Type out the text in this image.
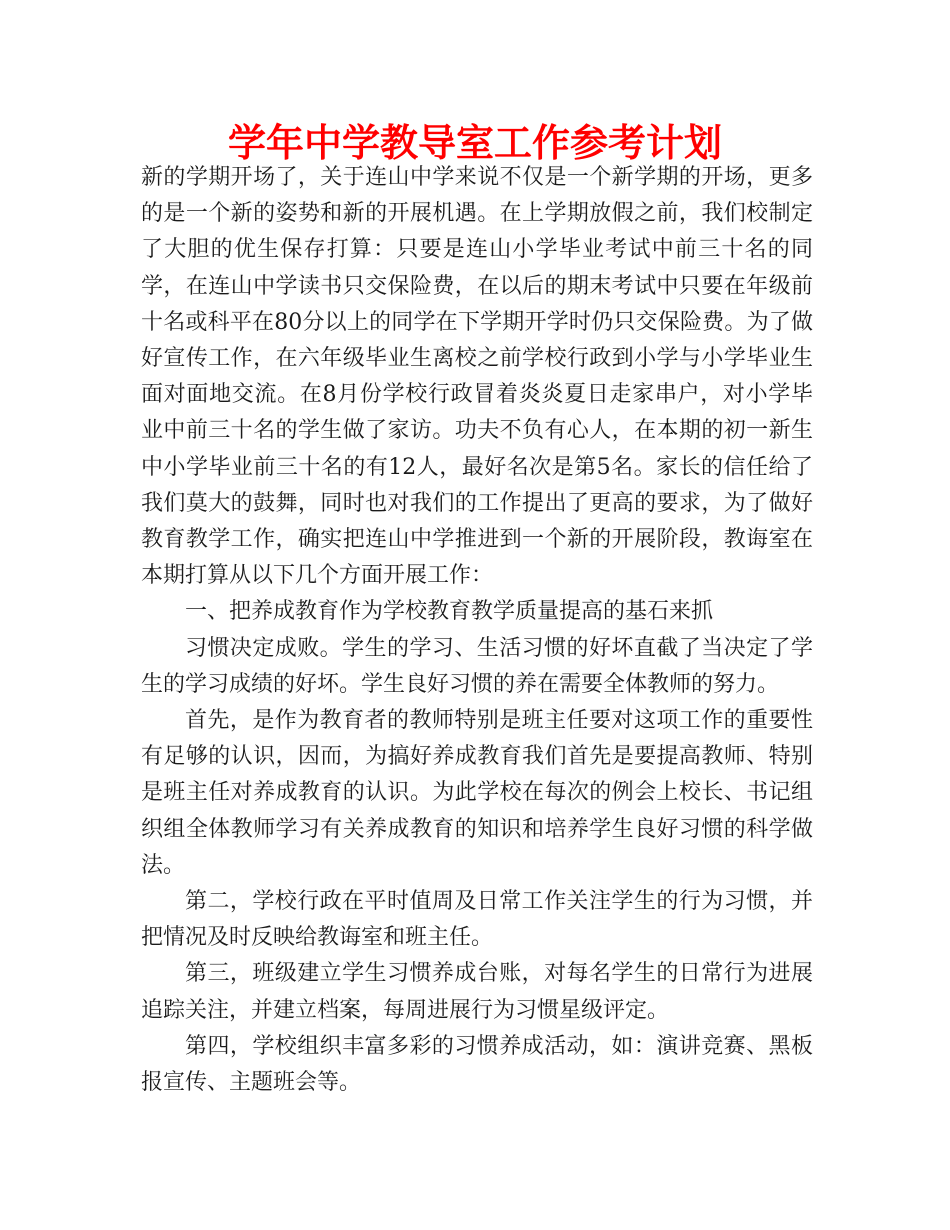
学年中学教导室工作参考计划

新的学期开场了，关于连山中学来说不仅是一个新学期的开场，更多的是一个新的姿势和新的开展机遇。在上学期放假之前，我们校制定了大胆的优生保存打算：只要是连山小学毕业考试中前三十名的同学，在连山中学读书只交保险费，在以后的期末考试中只要在年级前十名或科平在80分以上的同学在下学期开学时仍只交保险费。为了做好宣传工作，在六年级毕业生离校之前学校行政到小学与小学毕业生面对面地交流。在8月份学校行政冒着炎炎夏日走家串户，对小学毕业中前三十名的学生做了家访。功夫不负有心人，在本期的初一新生中小学毕业前三十名的有12人，最好名次是第5名。家长的信任给了我们莫大的鼓舞，同时也对我们的工作提出了更高的要求，为了做好教育教学工作，确实把连山中学推进到一个新的开展阶段，教诲室在本期打算从以下几个方面开展工作：

一、把养成教育作为学校教育教学质量提高的基石来抓

习惯决定成败。学生的学习、生活习惯的好坏直截了当决定了学生的学习成绩的好坏。学生良好习惯的养在需要全体教师的努力。

首先，是作为教育者的教师特别是班主任要对这项工作的重要性有足够的认识，因而，为搞好养成教育我们首先是要提高教师、特别是班主任对养成教育的认识。为此学校在每次的例会上校长、书记组织组全体教师学习有关养成教育的知识和培养学生良好习惯的科学做法。

第二，学校行政在平时值周及日常工作关注学生的行为习惯，并把情况及时反映给教诲室和班主任。

第三，班级建立学生习惯养成台账，对每名学生的日常行为进展追踪关注，并建立档案，每周进展行为习惯星级评定。

第四，学校组织丰富多彩的习惯养成活动，如：演讲竞赛、黑板报宣传、主题班会等。
